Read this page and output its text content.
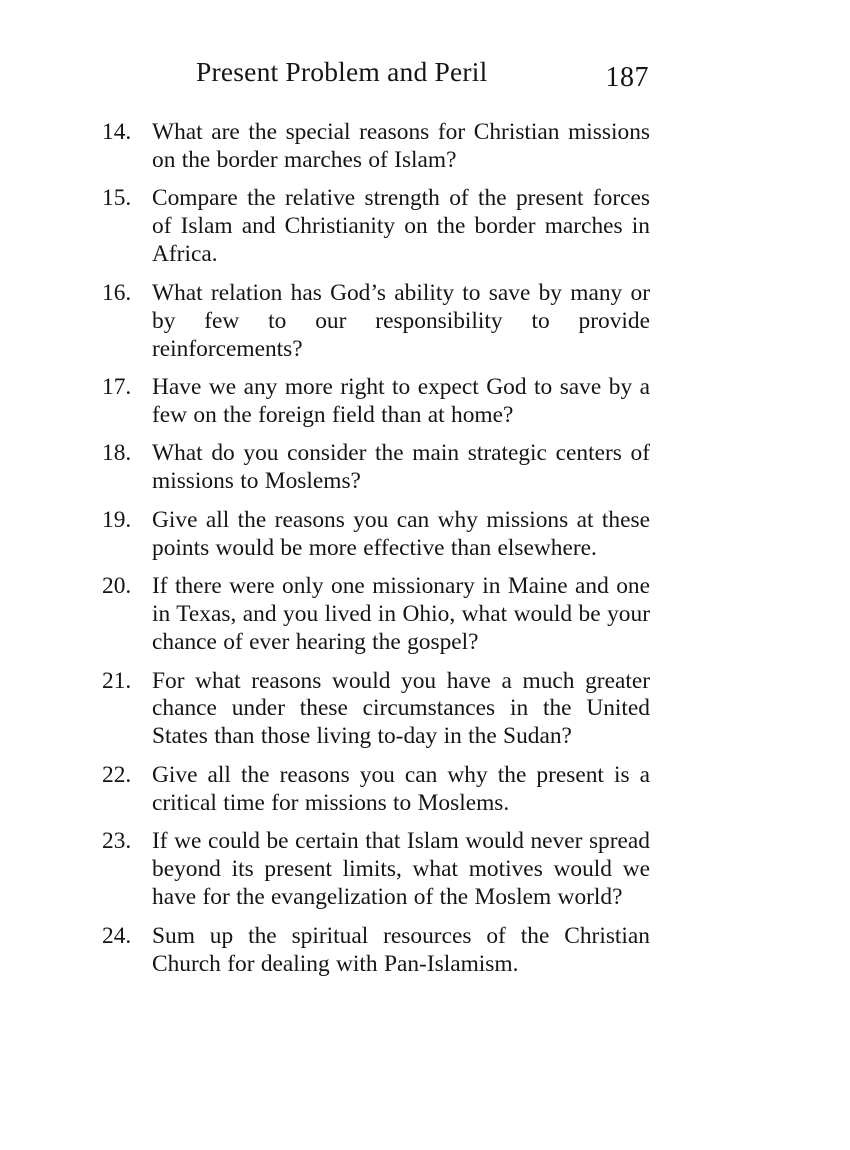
Present Problem and Peril	187
14. What are the special reasons for Christian missions on the border marches of Islam?
15. Compare the relative strength of the present forces of Islam and Christianity on the border marches in Africa.
16. What relation has God’s ability to save by many or by few to our responsibility to provide reinforcements?
17. Have we any more right to expect God to save by a few on the foreign field than at home?
18. What do you consider the main strategic centers of missions to Moslems?
19. Give all the reasons you can why missions at these points would be more effective than elsewhere.
20. If there were only one missionary in Maine and one in Texas, and you lived in Ohio, what would be your chance of ever hearing the gospel?
21. For what reasons would you have a much greater chance under these circumstances in the United States than those living to-day in the Sudan?
22. Give all the reasons you can why the present is a critical time for missions to Moslems.
23. If we could be certain that Islam would never spread beyond its present limits, what motives would we have for the evangelization of the Moslem world?
24. Sum up the spiritual resources of the Christian Church for dealing with Pan-Islamism.
